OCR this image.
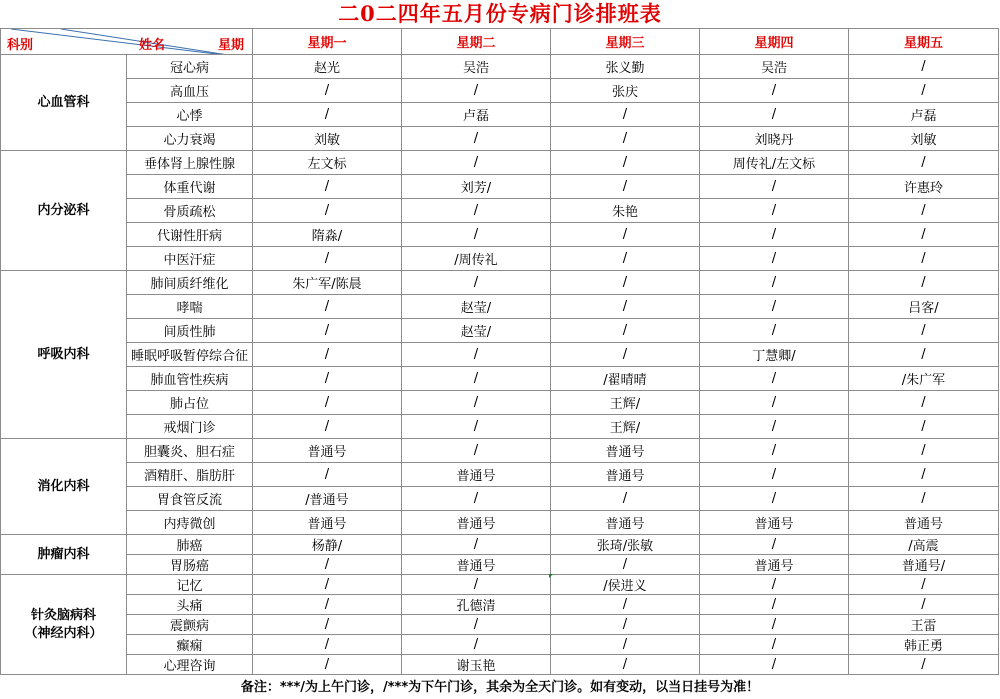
二0二四年五月份专病门诊排班表
科别 姓名 星期		星期一	星期二	星期三	星期四	星期五

心血管科	冠心病	赵光	吴浩	张义勤	吴浩	/
	高血压	/	/	张庆	/	/
	心悸	/	卢磊	/	/	卢磊
	心力衰竭	刘敏	/	/	刘晓丹	刘敏

内分泌科	垂体肾上腺性腺	左文标	/	/	周传礼/左文标	/
	体重代谢	/	刘芳/	/	/	许惠玲
	骨质疏松	/	/	朱艳	/	/
	代谢性肝病	隋淼/	/	/	/	/
	中医汗症	/	/周传礼	/	/	/

呼吸内科	肺间质纤维化	朱广军/陈晨	/	/	/	/
	哮喘	/	赵莹/	/	/	吕客/
	间质性肺	/	赵莹/	/	/	/
	睡眠呼吸暂停综合征	/	/	/	丁慧卿/	/
	肺血管性疾病	/	/	/翟晴晴	/	/朱广军
	肺占位	/	/	王辉/	/	/
	戒烟门诊	/	/	王辉/	/	/

消化内科	胆囊炎、胆石症	普通号	/	普通号	/	/
	酒精肝、脂肪肝	/	普通号	普通号	/	/
	胃食管反流	/普通号	/	/	/	/
	内痔微创	普通号	普通号	普通号	普通号	普通号

肿瘤内科	肺癌	杨静/	/	张琦/张敏	/	/高震
	胃肠癌	/	普通号	/	普通号	普通号/

针灸脑病科
（神经内科）	记忆	/	/	/侯进义	/	/
	头痛	/	孔德清	/	/	/
	震颤病	/	/	/	/	王雷
	癫痫	/	/	/	/	韩正勇
	心理咨询	/	谢玉艳	/	/	/
备注：***/为上午门诊，/***为下午门诊，其余为全天门诊。如有变动，以当日挂号为准！
